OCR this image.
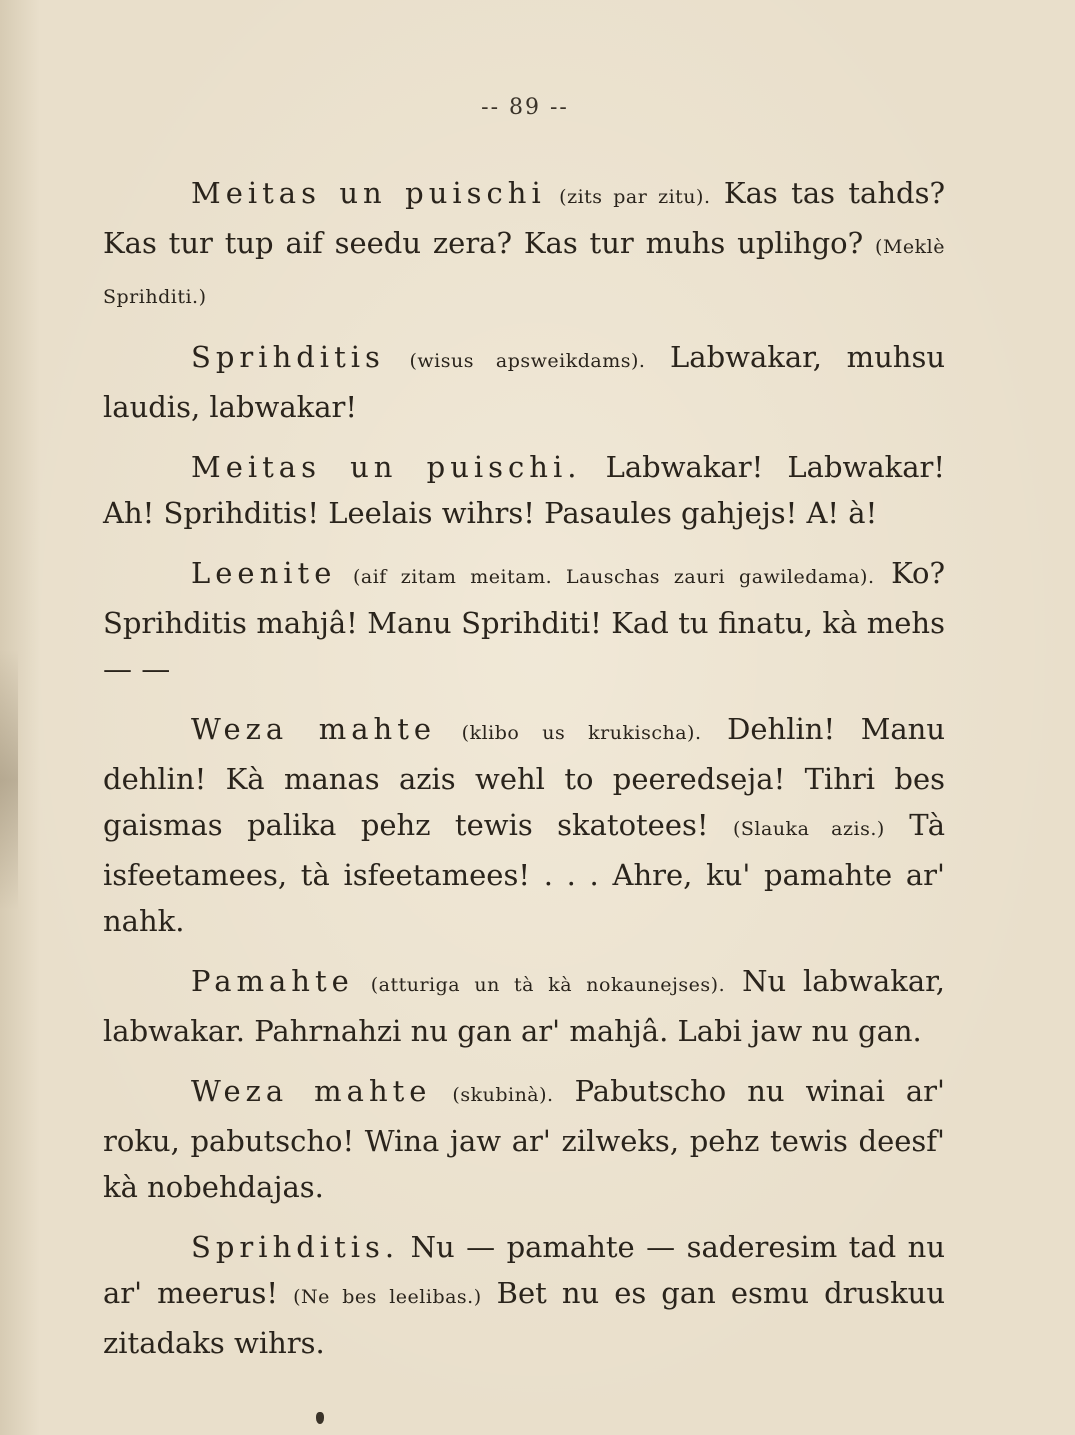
-- 89 --

Meitas un puischi (zits par zitu). Kas tas tahds? Kas tur tup aif seedu zera? Kas tur muhs uplihgo? (Meklè Sprihditi.)

Sprihditis (wisus apsweikdams). Labwakar, muhsu laudis, labwakar!

Meitas un puischi. Labwakar! Labwakar! Ah! Sprihditis! Leelais wihrs! Pasaules gahjejs! A! à!

Leenite (aif zitam meitam. Lauschas zauri gawiledama). Ko? Sprihditis mahjâ! Manu Sprihditi! Kad tu finatu, kà mehs — —

Weza mahte (klibo us krukischa). Dehlin! Manu dehlin! Kà manas azis wehl to peeredseja! Tihri bes gaismas palika pehz tewis skatotees! (Slauka azis.) Tà isfeetamees, tà isfeetamees! . . . Ahre, ku' pamahte ar' nahk.

Pamahte (atturiga un tà kà nokaunejses). Nu labwakar, labwakar. Pahrnahzi nu gan ar' mahjâ. Labi jaw nu gan.

Weza mahte (skubinà). Pabutscho nu winai ar' roku, pabutscho! Wina jaw ar' zilweks, pehz tewis deesf' kà nobehdajas.

Sprihditis. Nu — pamahte — saderesim tad nu ar' meerus! (Ne bes leelibas.) Bet nu es gan esmu druskuu zitadaks wihrs.
